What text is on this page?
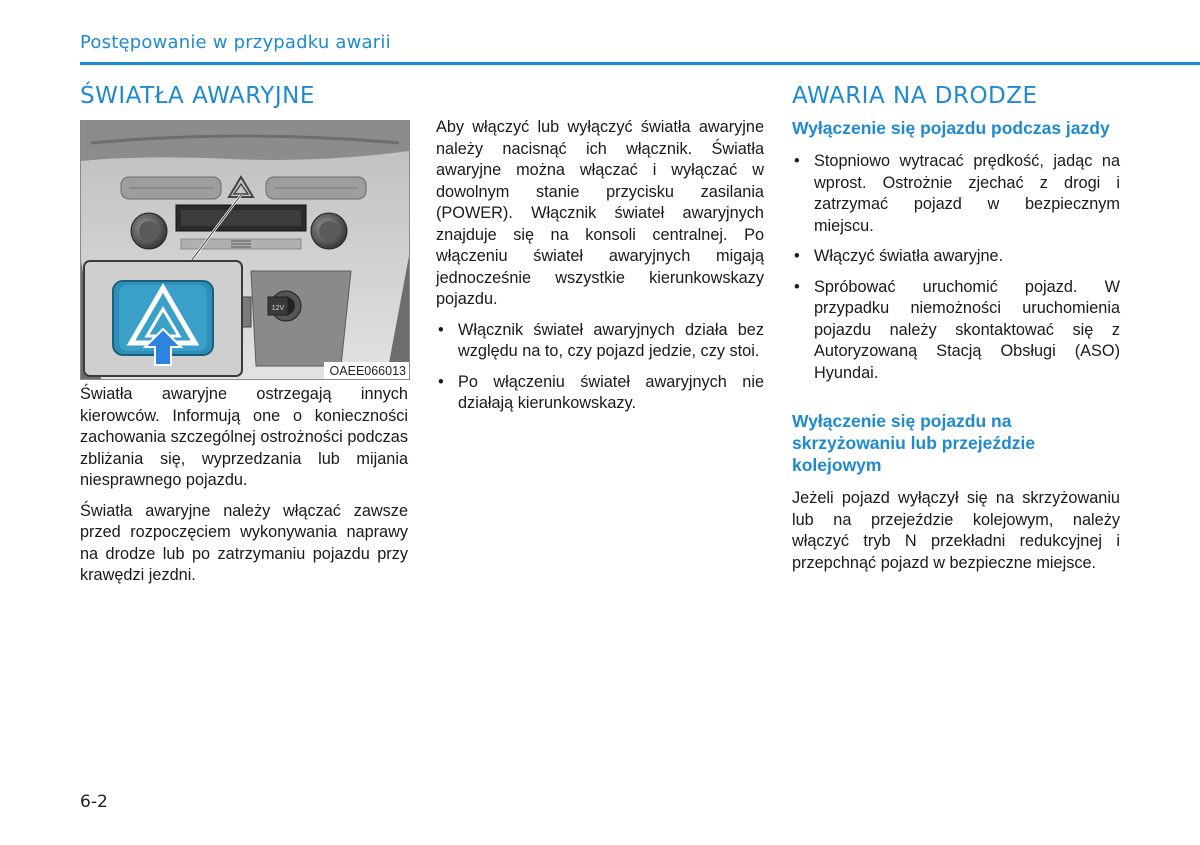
Postępowanie w przypadku awarii
ŚWIATŁA AWARYJNE
12V
OAEE066013

Światła awaryjne ostrzegają innych kierowców. Informują one o konieczności zachowania szczególnej ostrożności podczas zbliżania się, wyprzedzania lub mijania niesprawnego pojazdu.

Światła awaryjne należy włączać zawsze przed rozpoczęciem wykonywania naprawy na drodze lub po zatrzymaniu pojazdu przy krawędzi jezdni.

Aby włączyć lub wyłączyć światła awaryjne należy nacisnąć ich włącznik. Światła awaryjne można włączać i wyłączać w dowolnym stanie przycisku zasilania (POWER). Włącznik świateł awaryjnych znajduje się na konsoli centralnej. Po włączeniu świateł awaryjnych migają jednocześnie wszystkie kierunkowskazy pojazdu.

• Włącznik świateł awaryjnych działa bez względu na to, czy pojazd jedzie, czy stoi.
• Po włączeniu świateł awaryjnych nie działają kierunkowskazy.
AWARIA NA DRODZE
Wyłączenie się pojazdu podczas jazdy
• Stopniowo wytracać prędkość, jadąc na wprost. Ostrożnie zjechać z drogi i zatrzymać pojazd w bezpiecznym miejscu.
• Włączyć światła awaryjne.
• Spróbować uruchomić pojazd. W przypadku niemożności uruchomienia pojazdu należy skontaktować się z Autoryzowaną Stacją Obsługi (ASO) Hyundai.
Wyłączenie się pojazdu na skrzyżowaniu lub przejeździe kolejowym

Jeżeli pojazd wyłączył się na skrzyżowaniu lub na przejeździe kolejowym, należy włączyć tryb N przekładni redukcyjnej i przepchnąć pojazd w bezpieczne miejsce.

6-2
